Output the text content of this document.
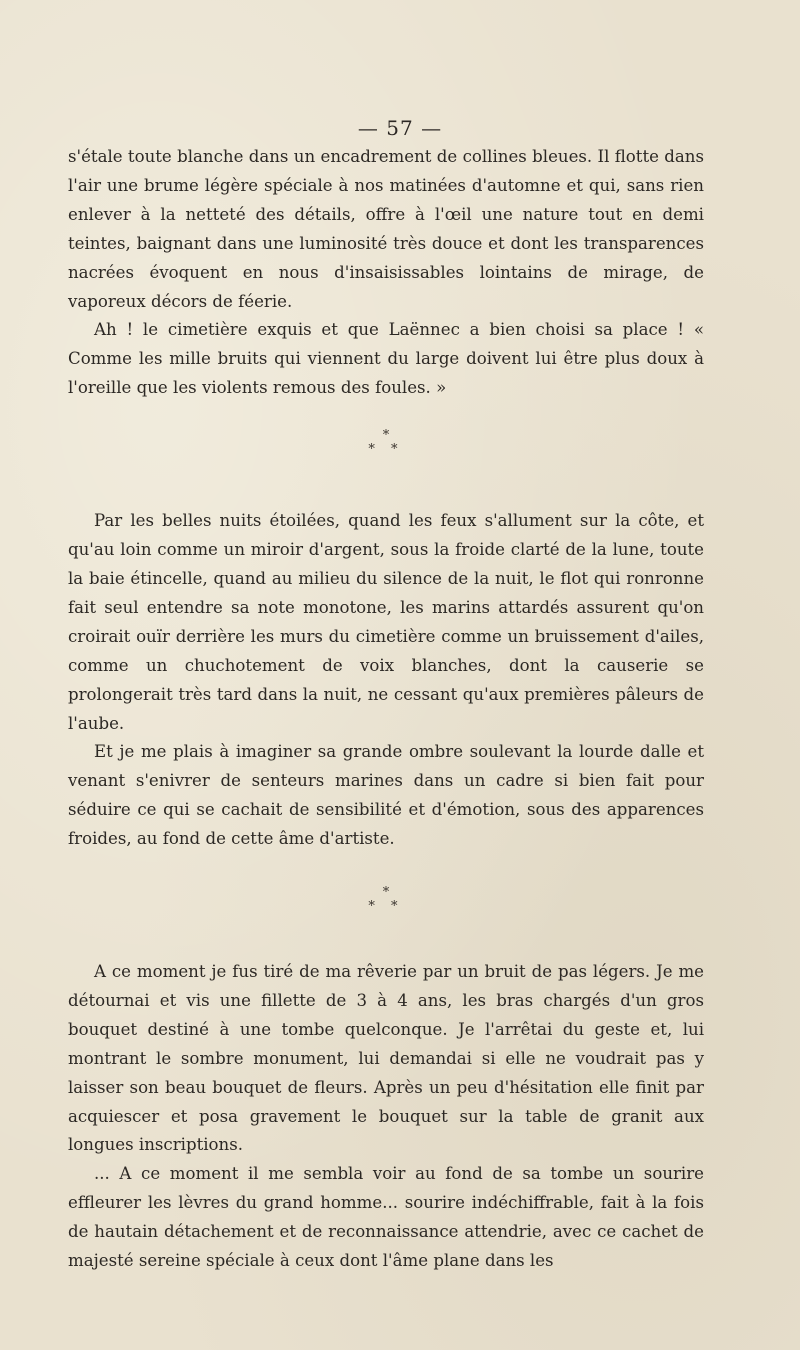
— 57 —

s'étale toute blanche dans un encadrement de collines bleues. Il flotte dans l'air une brume légère spéciale à nos matinées d'automne et qui, sans rien enlever à la netteté des détails, offre à l'œil une nature tout en demi teintes, baignant dans une luminosité très douce et dont les transparences nacrées évoquent en nous d'insaisissables lointains de mirage, de vaporeux décors de féerie.

Ah ! le cimetière exquis et que Laënnec a bien choisi sa place ! « Comme les mille bruits qui viennent du large doivent lui être plus doux à l'oreille que les violents remous des foules. »

*
* *

Par les belles nuits étoilées, quand les feux s'allument sur la côte, et qu'au loin comme un miroir d'argent, sous la froide clarté de la lune, toute la baie étincelle, quand au milieu du silence de la nuit, le flot qui ronronne fait seul entendre sa note monotone, les marins attardés assurent qu'on croirait ouïr derrière les murs du cimetière comme un bruissement d'ailes, comme un chuchotement de voix blanches, dont la causerie se prolongerait très tard dans la nuit, ne cessant qu'aux premières pâleurs de l'aube.

Et je me plais à imaginer sa grande ombre soulevant la lourde dalle et venant s'enivrer de senteurs marines dans un cadre si bien fait pour séduire ce qui se cachait de sensibilité et d'émotion, sous des apparences froides, au fond de cette âme d'artiste.

*
* *

A ce moment je fus tiré de ma rêverie par un bruit de pas légers. Je me détournai et vis une fillette de 3 à 4 ans, les bras chargés d'un gros bouquet destiné à une tombe quelconque. Je l'arrêtai du geste et, lui montrant le sombre monument, lui demandai si elle ne voudrait pas y laisser son beau bouquet de fleurs. Après un peu d'hésitation elle finit par acquiescer et posa gravement le bouquet sur la table de granit aux longues inscriptions.

... A ce moment il me sembla voir au fond de sa tombe un sourire effleurer les lèvres du grand homme... sourire indéchiffrable, fait à la fois de hautain détachement et de reconnaissance attendrie, avec ce cachet de majesté sereine spéciale à ceux dont l'âme plane dans les
